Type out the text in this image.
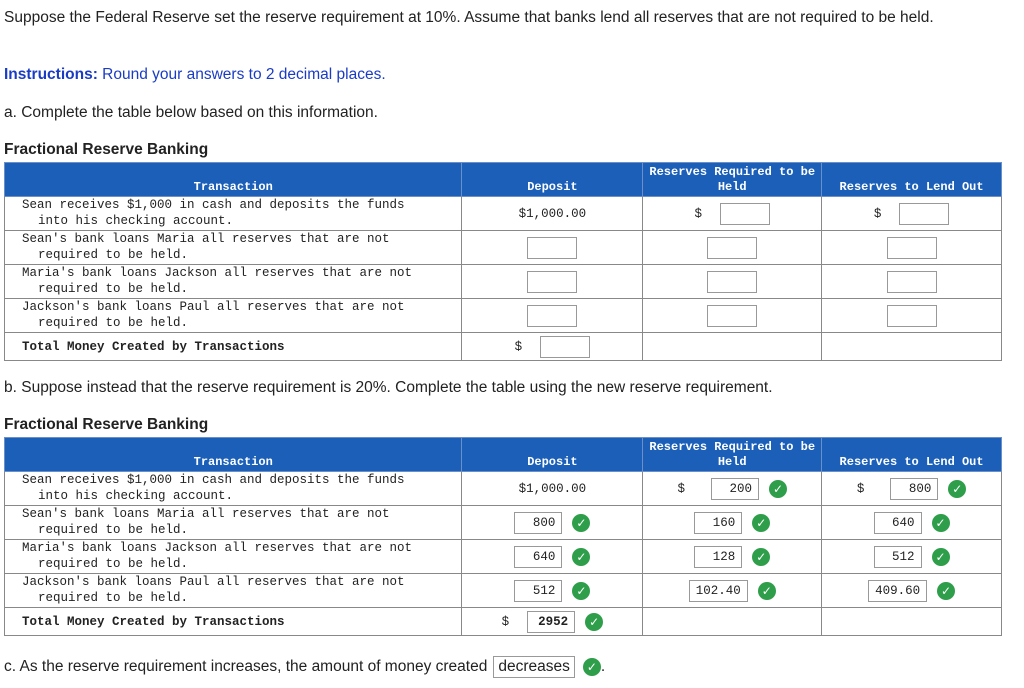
Suppose the Federal Reserve set the reserve requirement at 10%. Assume that banks lend all reserves that are not required to be held.
Instructions: Round your answers to 2 decimal places.
a. Complete the table below based on this information.
Fractional Reserve Banking
Transaction	Deposit	Reserves Required to be Held	Reserves to Lend Out

Sean receives $1,000 in cash and deposits the funds
into his checking account.	$1,000.00	$	$

Sean's bank loans Maria all reserves that are not
required to be held.			

Maria's bank loans Jackson all reserves that are not
required to be held.			

Jackson's bank loans Paul all reserves that are not
required to be held.			

Total Money Created by Transactions	$		
b. Suppose instead that the reserve requirement is 20%. Complete the table using the new reserve requirement.
Fractional Reserve Banking
Transaction	Deposit	Reserves Required to be Held	Reserves to Lend Out

Sean receives $1,000 in cash and deposits the funds
into his checking account.	$1,000.00	$ 200 ✓	$ 800 ✓

Sean's bank loans Maria all reserves that are not
required to be held.	800 ✓	160 ✓	640 ✓

Maria's bank loans Jackson all reserves that are not
required to be held.	640 ✓	128 ✓	512 ✓

Jackson's bank loans Paul all reserves that are not
required to be held.	512 ✓	102.40 ✓	409.60 ✓
Total Money Created by Transactions	$ 2952 ✓		
c. As the reserve requirement increases, the amount of money created decreases ✓ .
